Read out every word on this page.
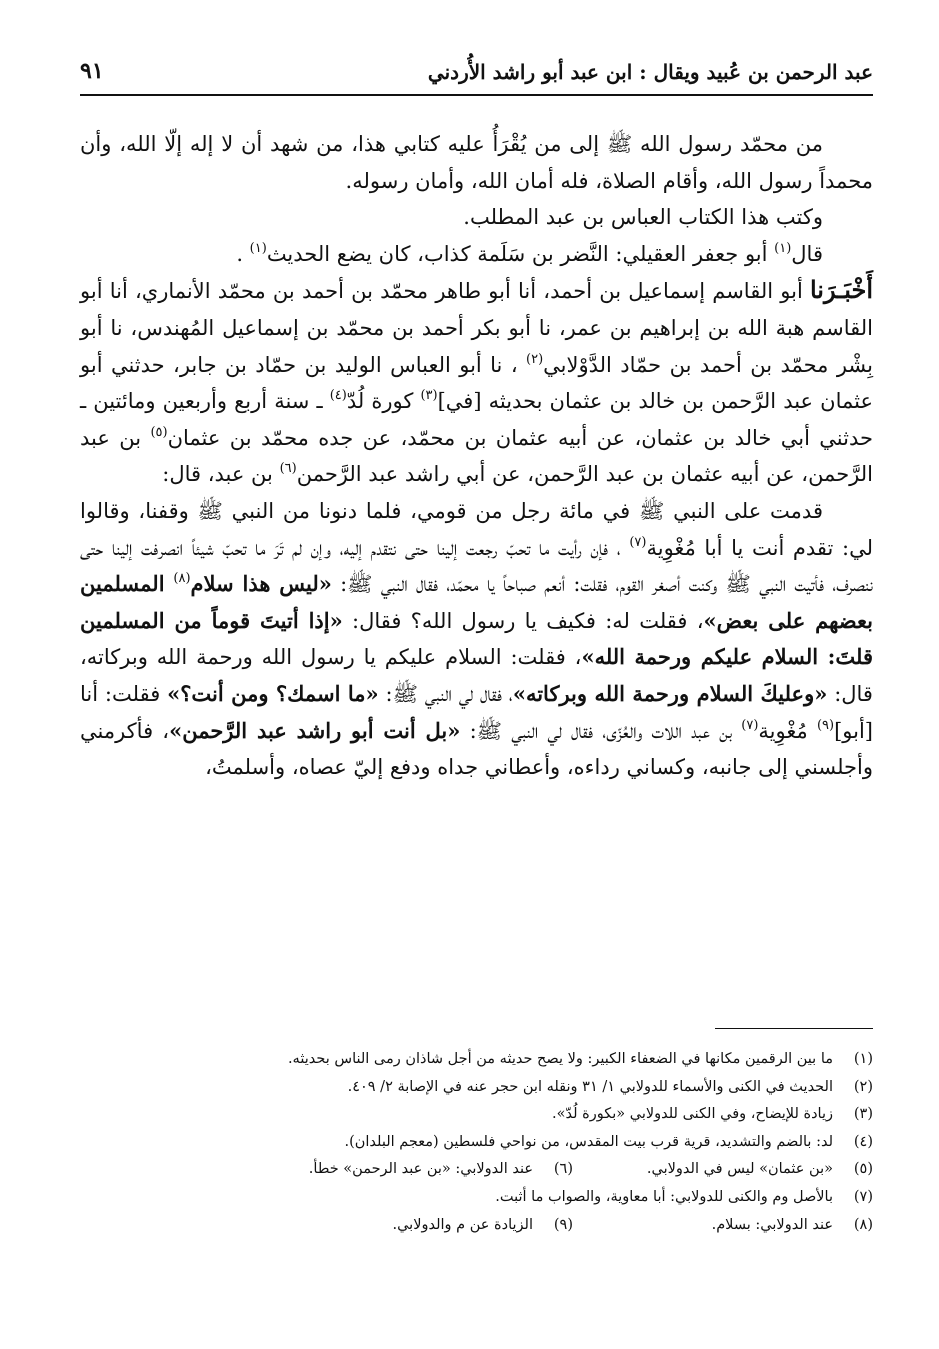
عبد الرحمن بن عُبيد ويقال : ابن عبد أبو راشد الأُردني
٩١

من محمّد رسول الله ﷺ إلى من يُقْرَأُ عليه كتابي هذا، من شهد أن لا إله إلّا الله، وأن محمداً رسول الله، وأقام الصلاة، فله أمان الله، وأمان رسوله.

وكتب هذا الكتاب العباس بن عبد المطلب.

قال$^{(١)}$ أبو جعفر العقيلي: النَّضر بن سَلَمة كذاب، كان يضع الحديث$^{(١)}$ .

أَخْبَـرَنا أبو القاسم إسماعيل بن أحمد، أنا أبو طاهر محمّد بن أحمد بن محمّد الأنماري، أنا أبو القاسم هبة الله بن إبراهيم بن عمر، نا أبو بكر أحمد بن محمّد بن إسماعيل المُهندس، نا أبو بِشْر محمّد بن أحمد بن حمّاد الدَّوْلابي$^{(٢)}$ ، نا أبو العباس الوليد بن حمّاد بن جابر، حدثني أبو عثمان عبد الرَّحمن بن خالد بن عثمان بحديثه [في]$^{(٣)}$ كورة لُدّ$^{(٤)}$ ـ سنة أربع وأربعين ومائتين ـ حدثني أبي خالد بن عثمان، عن أبيه عثمان بن محمّد، عن جده محمّد بن عثمان$^{(٥)}$ بن عبد الرَّحمن، عن أبيه عثمان بن عبد الرَّحمن، عن أبي راشد عبد الرَّحمن$^{(٦)}$ بن عبد، قال:

قدمت على النبي ﷺ في مائة رجل من قومي، فلما دنونا من النبي ﷺ وقفنا، وقالوا لي: تقدم أنت يا أبا مُغْوِية$^{(٧)}$ ، فإن رأيت ما تحبّ رجعت إلينا حتى نتقدم إليه، وإن لم تَرَ ما تحبّ شيئاً انصرفت إلينا حتى ننصرف، فأتيت النبي ﷺ وكنت أصغر القوم، فقلت: أنعم صباحاً يا محمّد، فقال النبي ﷺ: «ليس هذا سلام$^{(٨)}$ المسلمين بعضهم على بعض»، فقلت له: فكيف يا رسول الله؟ فقال: «إذا أتيتَ قوماً من المسلمين قلتَ: السلام عليكم ورحمة الله»، فقلت: السلام عليكم يا رسول الله ورحمة الله وبركاته، قال: «وعليكَ السلام ورحمة الله وبركاته»، فقال لي النبي ﷺ: «ما اسمك؟ ومن أنت؟» فقلت: أنا [أبو]$^{(٩)}$ مُغْوِية$^{(٧)}$ بن عبد اللات والعُزّى، فقال لي النبي ﷺ: «بل أنت أبو راشد عبد الرَّحمن»، فأكرمني وأجلسني إلى جانبه، وكساني رداءه، وأعطاني جداه ودفع إليّ عصاه، وأسلمتُ،

(١)
ما بين الرقمين مكانها في الضعفاء الكبير: ولا يصح حديثه من أجل شاذان رمى الناس بحديثه.
(٢)
الحديث في الكنى والأسماء للدولابي ١/ ٣١ ونقله ابن حجر عنه في الإصابة ٢/ ٤٠٩.
(٣)
زيادة للإيضاح، وفي الكنى للدولابي «بكورة لُدّ».
(٤)
لد: بالضم والتشديد، قرية قرب بيت المقدس، من نواحي فلسطين (معجم البلدان).
(٥)
«بن عثمان» ليس في الدولابي.
(٦)
عند الدولابي: «بن عبد الرحمن» خطأ.
(٧)
بالأصل وم والكنى للدولابي: أبا معاوية، والصواب ما أثبت.
(٨)
عند الدولابي: بسلام.
(٩)
الزيادة عن م والدولابي.
